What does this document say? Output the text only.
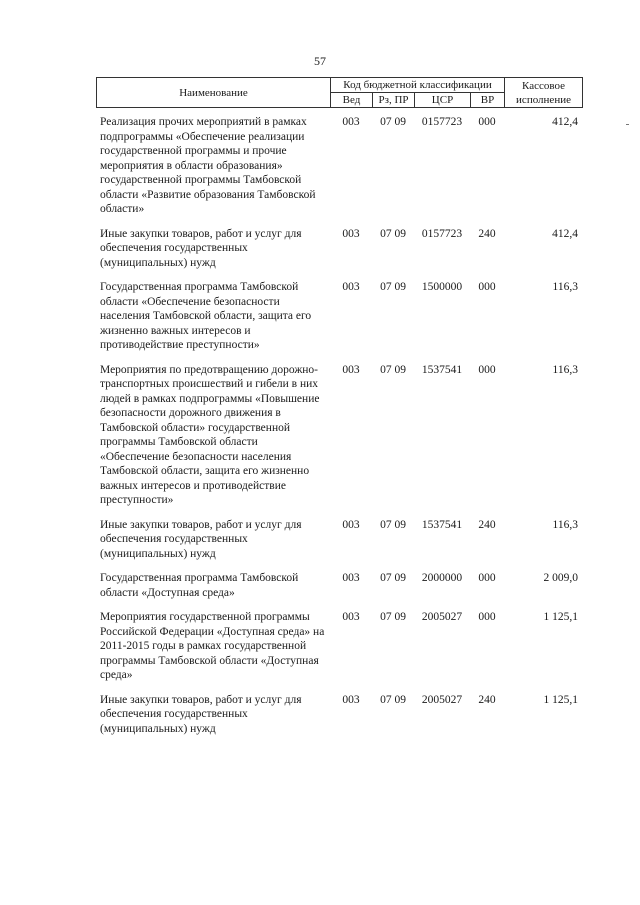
57
Наименование	Код бюджетной классификации				Кассовое
исполнение
	Вед	Рз, ПР	ЦСР	ВР	
Реализация прочих мероприятий в рамках подпрограммы «Обеспечение реализации государственной программы и прочие мероприятия в области образования» государственной программы Тамбовской области «Развитие образования Тамбовской области»	003	07 09	0157723	000	412,4
Иные закупки товаров, работ и услуг для обеспечения государственных (муниципальных) нужд	003	07 09	0157723	240	412,4
Государственная программа Тамбовской области «Обеспечение безопасности населения Тамбовской области, защита его жизненно важных интересов и противодействие преступности»	003	07 09	1500000	000	116,3
Мероприятия по предотвращению дорожно-транспортных происшествий и гибели в них людей в рамках подпрограммы «Повышение безопасности дорожного движения в Тамбовской области» государственной программы Тамбовской области «Обеспечение безопасности населения Тамбовской области, защита его жизненно важных интересов и противодействие преступности»	003	07 09	1537541	000	116,3
Иные закупки товаров, работ и услуг для обеспечения государственных (муниципальных) нужд	003	07 09	1537541	240	116,3
Государственная программа Тамбовской области «Доступная среда»	003	07 09	2000000	000	2 009,0
Мероприятия государственной программы Российской Федерации «Доступная среда» на 2011-2015 годы в рамках государственной программы Тамбовской области «Доступная среда»	003	07 09	2005027	000	1 125,1
Иные закупки товаров, работ и услуг для обеспечения государственных (муниципальных) нужд	003	07 09	2005027	240	1 125,1
